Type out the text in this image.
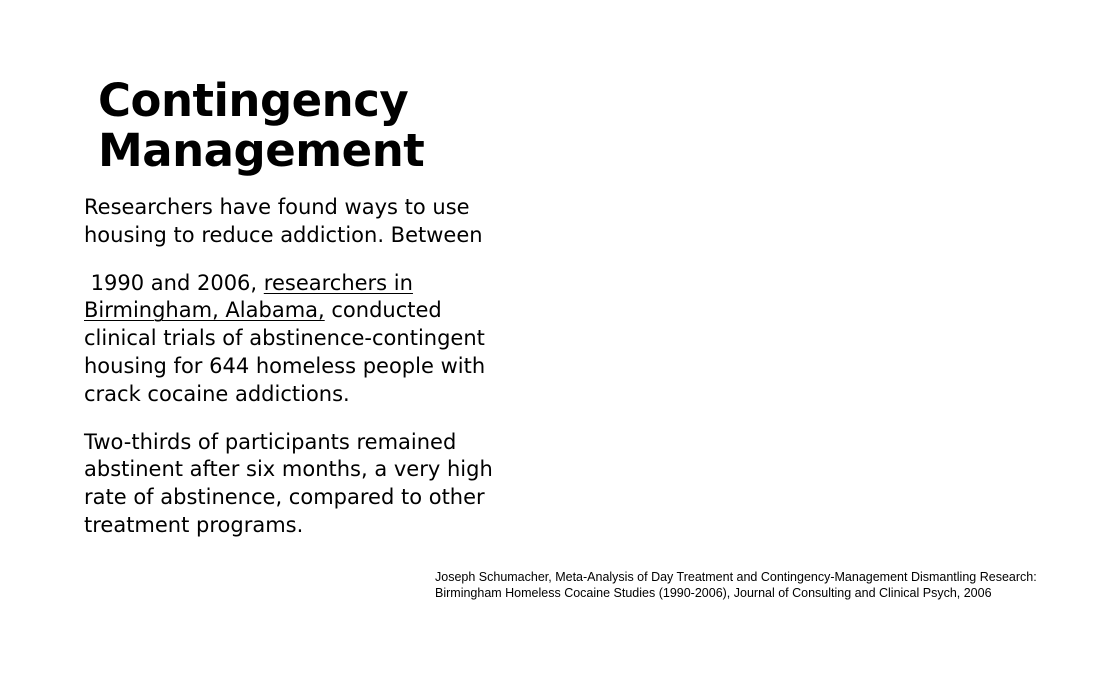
Contingency
Management

Researchers have found ways to use
housing to reduce addiction. Between

1990 and 2006, researchers in
Birmingham, Alabama, conducted
clinical trials of abstinence-contingent
housing for 644 homeless people with
crack cocaine addictions.

Two-thirds of participants remained
abstinent after six months, a very high
rate of abstinence, compared to other
treatment programs.

Joseph Schumacher, Meta-Analysis of Day Treatment and Contingency-Management Dismantling Research:
Birmingham Homeless Cocaine Studies (1990-2006), Journal of Consulting and Clinical Psych, 2006
